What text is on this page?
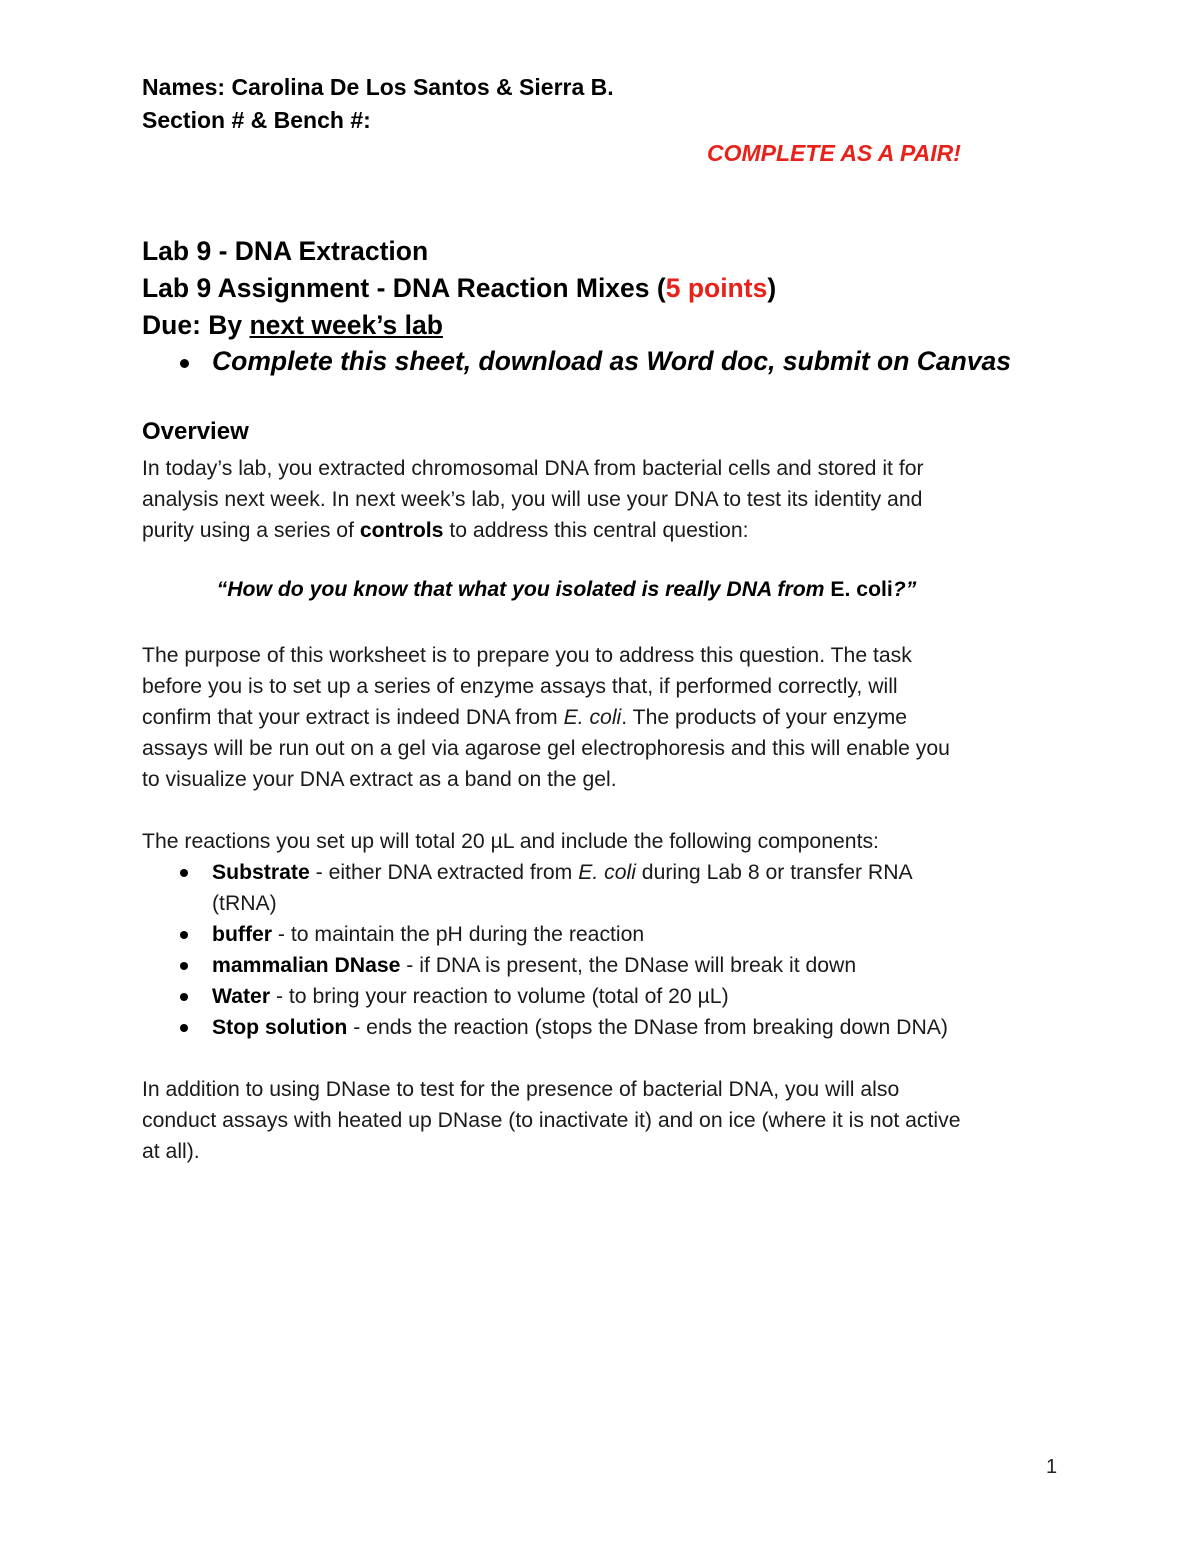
Names: Carolina De Los Santos & Sierra B.
Section # & Bench #:
COMPLETE AS A PAIR!
Lab 9 - DNA Extraction
Lab 9 Assignment - DNA Reaction Mixes (5 points)
Due: By next week’s lab
Complete this sheet, download as Word doc, submit on Canvas
Overview
In today’s lab, you extracted chromosomal DNA from bacterial cells and stored it for
analysis next week. In next week’s lab, you will use your DNA to test its identity and
purity using a series of controls to address this central question:
“How do you know that what you isolated is really DNA from E. coli?”
The purpose of this worksheet is to prepare you to address this question. The task
before you is to set up a series of enzyme assays that, if performed correctly, will
confirm that your extract is indeed DNA from E. coli. The products of your enzyme
assays will be run out on a gel via agarose gel electrophoresis and this will enable you
to visualize your DNA extract as a band on the gel.
The reactions you set up will total 20 µL and include the following components:
Substrate - either DNA extracted from E. coli during Lab 8 or transfer RNA
(tRNA)
buffer - to maintain the pH during the reaction
mammalian DNase - if DNA is present, the DNase will break it down
Water - to bring your reaction to volume (total of 20 µL)
Stop solution - ends the reaction (stops the DNase from breaking down DNA)
In addition to using DNase to test for the presence of bacterial DNA, you will also
conduct assays with heated up DNase (to inactivate it) and on ice (where it is not active
at all).
1
